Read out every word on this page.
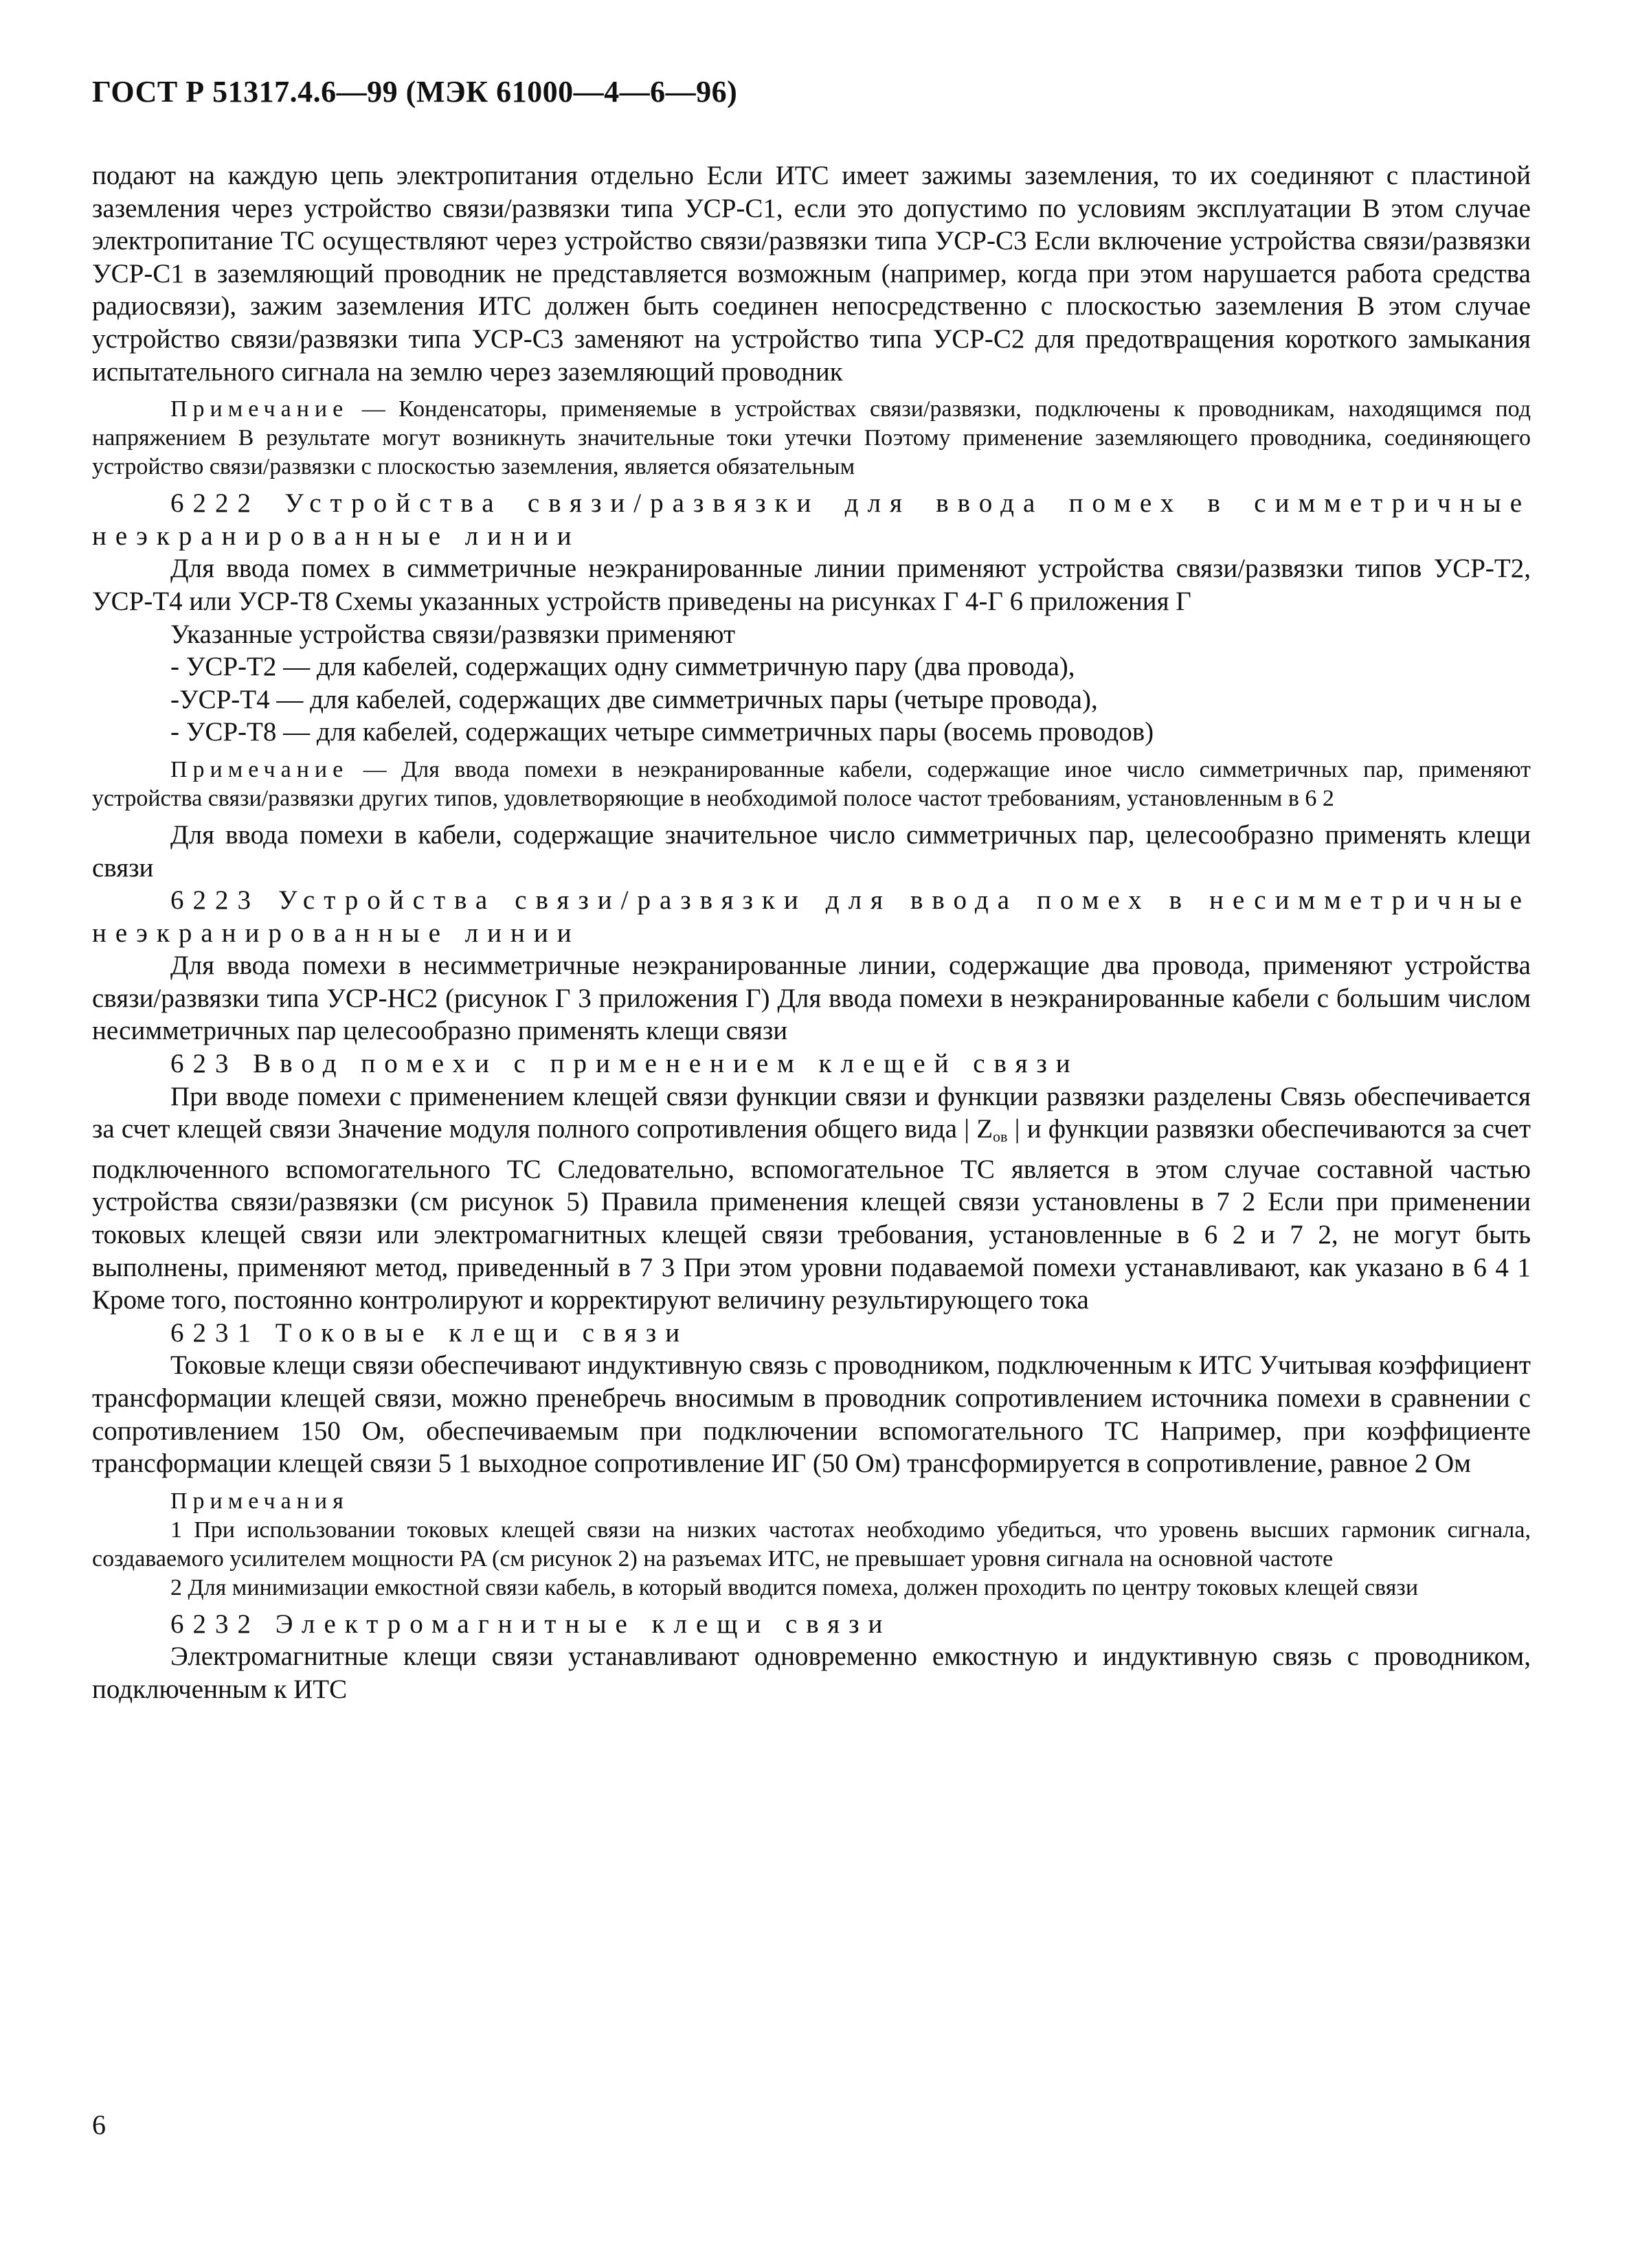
ГОСТ Р 51317.4.6—99 (МЭК 61000—4—6—96)

подают на каждую цепь электропитания отдельно Если ИТС имеет зажимы заземления, то их соединяют с пластиной заземления через устройство связи/развязки типа УСР-С1, если это допустимо по условиям эксплуатации В этом случае электропитание ТС осуществляют через устройство связи/развязки типа УСР-С3 Если включение устройства связи/развязки УСР-С1 в заземляющий проводник не представляется возможным (например, когда при этом нарушается работа средства радиосвязи), зажим заземления ИТС должен быть соединен непосредственно с плоскостью заземления В этом случае устройство связи/развязки типа УСР-С3 заменяют на устройство типа УСР-С2 для предотвращения короткого замыкания испытательного сигнала на землю через заземляющий проводник

Примечание — Конденсаторы, применяемые в устройствах связи/развязки, подключены к проводникам, находящимся под напряжением В результате могут возникнуть значительные токи утечки Поэтому применение заземляющего проводника, соединяющего устройство связи/развязки с плоскостью заземления, является обязательным

6222 Устройства связи/развязки для ввода помех в симметричные неэкранированные линии

Для ввода помех в симметричные неэкранированные линии применяют устройства связи/развязки типов УСР-Т2, УСР-Т4 или УСР-Т8 Схемы указанных устройств приведены на рисунках Г 4-Г 6 приложения Г

Указанные устройства связи/развязки применяют

- УСР-Т2 — для кабелей, содержащих одну симметричную пару (два провода),

-УСР-Т4 — для кабелей, содержащих две симметричных пары (четыре провода),

- УСР-Т8 — для кабелей, содержащих четыре симметричных пары (восемь проводов)

Примечание — Для ввода помехи в неэкранированные кабели, содержащие иное число симметричных пар, применяют устройства связи/развязки других типов, удовлетворяющие в необходимой полосе частот требованиям, установленным в 6 2

Для ввода помехи в кабели, содержащие значительное число симметричных пар, целесообразно применять клещи связи

6223 Устройства связи/развязки для ввода помех в несимметричные неэкранированные линии

Для ввода помехи в несимметричные неэкранированные линии, содержащие два провода, применяют устройства связи/развязки типа УСР-НС2 (рисунок Г 3 приложения Г) Для ввода помехи в неэкранированные кабели с большим числом несимметричных пар целесообразно применять клещи связи

623 Ввод помехи с применением клещей связи

При вводе помехи с применением клещей связи функции связи и функции развязки разделены Связь обеспечивается за счет клещей связи Значение модуля полного сопротивления общего вида | $Z_{ов}$ | и функции развязки обеспечиваются за счет подключенного вспомогательного ТС Следовательно, вспомогательное ТС является в этом случае составной частью устройства связи/развязки (см рисунок 5) Правила применения клещей связи установлены в 7 2 Если при применении токовых клещей связи или электромагнитных клещей связи требования, установленные в 6 2 и 7 2, не могут быть выполнены, применяют метод, приведенный в 7 3 При этом уровни подаваемой помехи устанавливают, как указано в 6 4 1 Кроме того, постоянно контролируют и корректируют величину результирующего тока

6231 Токовые клещи связи

Токовые клещи связи обеспечивают индуктивную связь с проводником, подключенным к ИТС Учитывая коэффициент трансформации клещей связи, можно пренебречь вносимым в проводник сопротивлением источника помехи в сравнении с сопротивлением 150 Ом, обеспечиваемым при подключении вспомогательного ТС Например, при коэффициенте трансформации клещей связи 5 1 выходное сопротивление ИГ (50 Ом) трансформируется в сопротивление, равное 2 Ом

Примечания

1 При использовании токовых клещей связи на низких частотах необходимо убедиться, что уровень высших гармоник сигнала, создаваемого усилителем мощности PA (см рисунок 2) на разъемах ИТС, не превышает уровня сигнала на основной частоте

2 Для минимизации емкостной связи кабель, в который вводится помеха, должен проходить по центру токовых клещей связи

6232 Электромагнитные клещи связи

Электромагнитные клещи связи устанавливают одновременно емкостную и индуктивную связь с проводником, подключенным к ИТС

6
